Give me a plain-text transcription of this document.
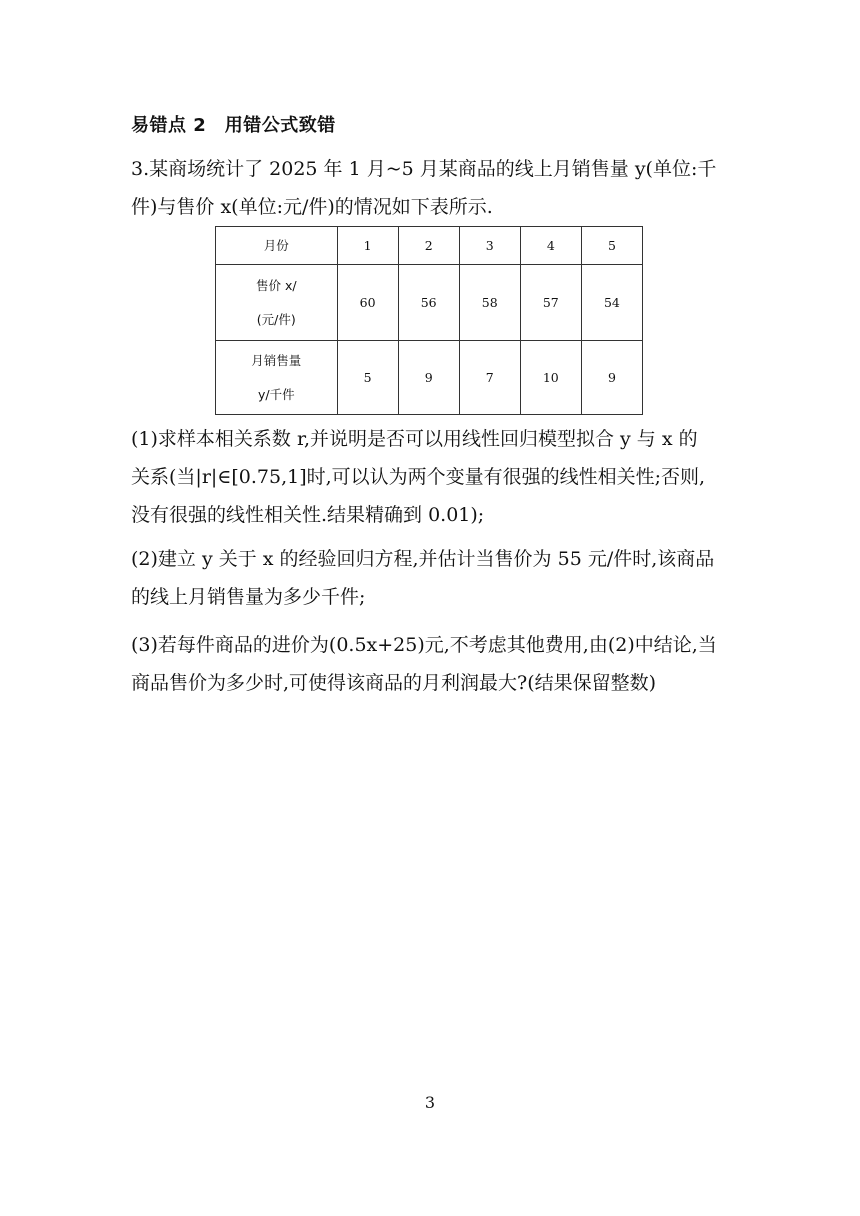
易错点 2　用错公式致错
3.某商场统计了 2025 年 1 月~5 月某商品的线上月销售量 y(单位:千
件)与售价 x(单位:元/件)的情况如下表所示.
月份	1	2	3	4	5

售价 x/
(元/件)	60	56	58	57	54

月销售量
y/千件	5	9	7	10	9
(1)求样本相关系数 r,并说明是否可以用线性回归模型拟合 y 与 x 的
关系(当|r|∈[0.75,1]时,可以认为两个变量有很强的线性相关性;否则,
没有很强的线性相关性.结果精确到 0.01);
(2)建立 y 关于 x 的经验回归方程,并估计当售价为 55 元/件时,该商品
的线上月销售量为多少千件;
(3)若每件商品的进价为(0.5x+25)元,不考虑其他费用,由(2)中结论,当
商品售价为多少时,可使得该商品的月利润最大?(结果保留整数)
3
